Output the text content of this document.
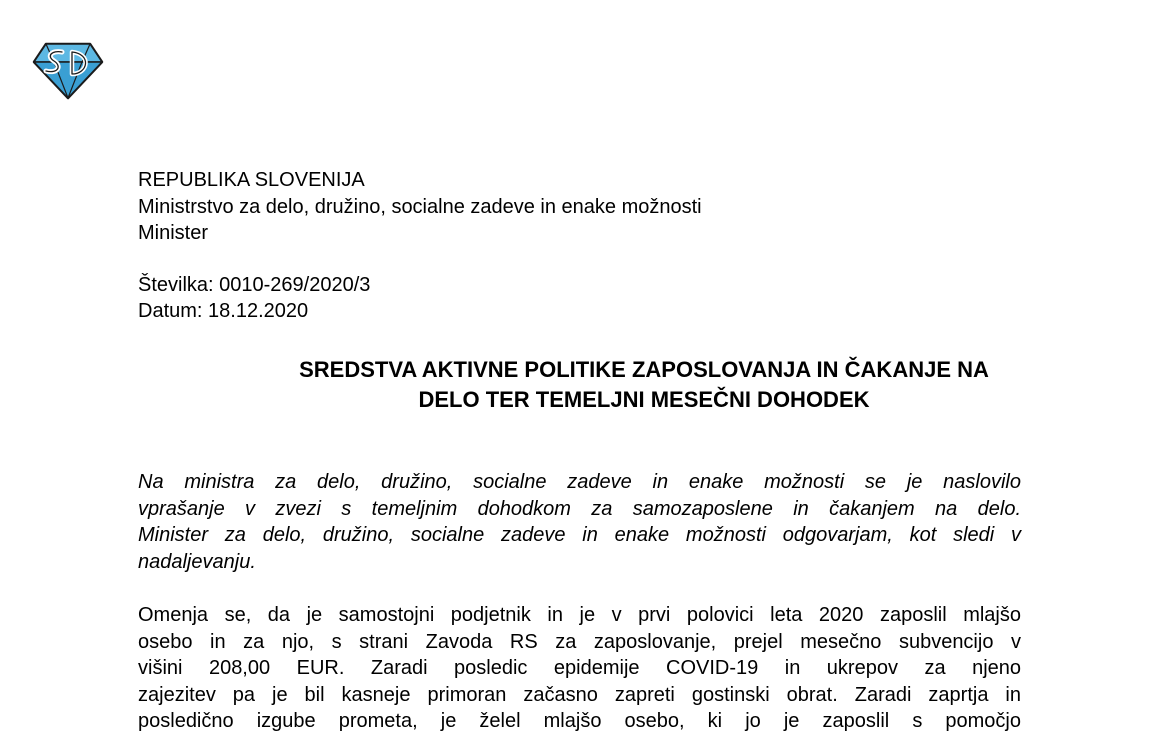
REPUBLIKA SLOVENIJA
Ministrstvo za delo, družino, socialne zadeve in enake možnosti
Minister
Številka: 0010-269/2020/3
Datum: 18.12.2020
SREDSTVA AKTIVNE POLITIKE ZAPOSLOVANJA IN ČAKANJE NA
DELO TER TEMELJNI MESEČNI DOHODEK
Na ministra za delo, družino, socialne zadeve in enake možnosti se je naslovilo
vprašanje v zvezi s temeljnim dohodkom za samozaposlene in čakanjem na delo.
Minister za delo, družino, socialne zadeve in enake možnosti odgovarjam, kot sledi v
nadaljevanju.
Omenja se, da je samostojni podjetnik in je v prvi polovici leta 2020 zaposlil mlajšo
osebo in za njo, s strani Zavoda RS za zaposlovanje, prejel mesečno subvencijo v
višini 208,00 EUR. Zaradi posledic epidemije COVID-19 in ukrepov za njeno
zajezitev pa je bil kasneje primoran začasno zapreti gostinski obrat. Zaradi zaprtja in
posledično izgube prometa, je želel mlajšo osebo, ki jo je zaposlil s pomočjo
